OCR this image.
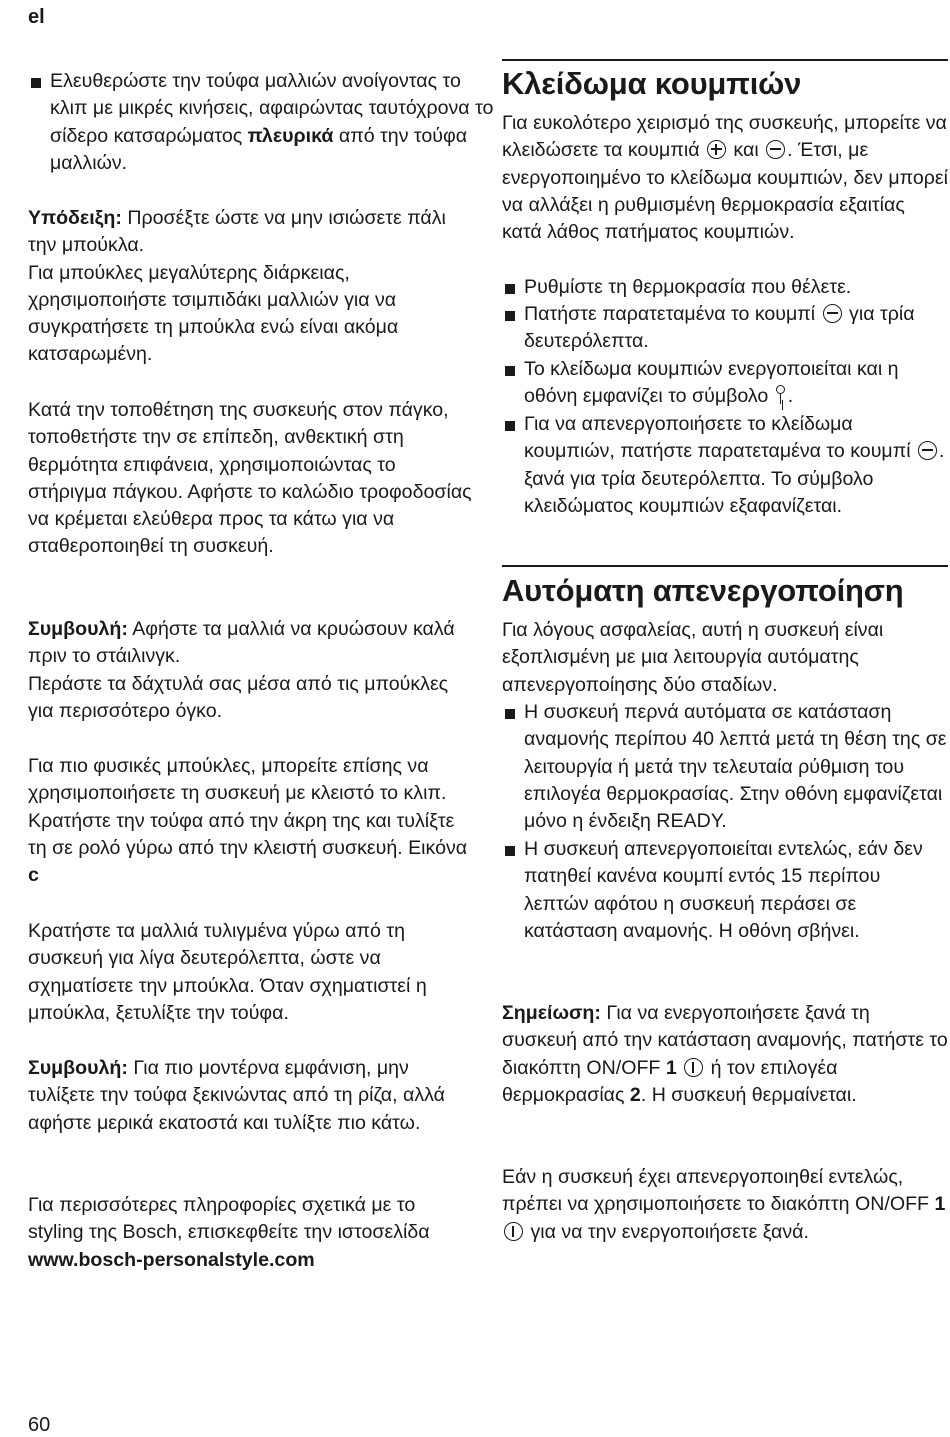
el
Ελευθερώστε την τούφα μαλλιών ανοίγοντας το κλιπ με μικρές κινήσεις, αφαιρώντας ταυτόχρονα το σίδερο κατσαρώματος πλευρικά από την τούφα μαλλιών.

Υπόδειξη: Προσέξτε ώστε να μην ισιώσετε πάλι την μπούκλα.

Για μπούκλες μεγαλύτερης διάρκειας, χρησιμοποιήστε τσιμπιδάκι μαλλιών για να συγκρατήσετε τη μπούκλα ενώ είναι ακόμα κατσαρωμένη.

Κατά την τοποθέτηση της συσκευής στον πάγκο, τοποθετήστε την σε επίπεδη, ανθεκτική στη θερμότητα επιφάνεια, χρησιμοποιώντας το στήριγμα πάγκου. Αφήστε το καλώδιο τροφοδοσίας να κρέμεται ελεύθερα προς τα κάτω για να σταθεροποιηθεί τη συσκευή.

Συμβουλή: Αφήστε τα μαλλιά να κρυώσουν καλά πριν το στάιλινγκ.

Περάστε τα δάχτυλά σας μέσα από τις μπούκλες για περισσότερο όγκο.

Για πιο φυσικές μπούκλες, μπορείτε επίσης να χρησιμοποιήσετε τη συσκευή με κλειστό το κλιπ. Κρατήστε την τούφα από την άκρη της και τυλίξτε τη σε ρολό γύρω από την κλειστή συσκευή. Εικόνα c

Κρατήστε τα μαλλιά τυλιγμένα γύρω από τη συσκευή για λίγα δευτερόλεπτα, ώστε να σχηματίσετε την μπούκλα. Όταν σχηματιστεί η μπούκλα, ξετυλίξτε την τούφα.

Συμβουλή: Για πιο μοντέρνα εμφάνιση, μην τυλίξετε την τούφα ξεκινώντας από τη ρίζα, αλλά αφήστε μερικά εκατοστά και τυλίξτε πιο κάτω.

Για περισσότερες πληροφορίες σχετικά με το styling της Bosch, επισκεφθείτε την ιστοσελίδα www.bosch-personalstyle.com

Κλείδωμα κουμπιών

Για ευκολότερο χειρισμό της συσκευής, μπορείτε να κλειδώσετε τα κουμπιά  και . Έτσι, με ενεργοποιημένο το κλείδωμα κουμπιών, δεν μπορεί να αλλάξει η ρυθμισμένη θερμοκρασία εξαιτίας κατά λάθος πατήματος κουμπιών.

Ρυθμίστε τη θερμοκρασία που θέλετε.
Πατήστε παρατεταμένα το κουμπί  για τρία δευτερόλεπτα.
Το κλείδωμα κουμπιών ενεργοποιείται και η οθόνη εμφανίζει το σύμβολο .
Για να απενεργοποιήσετε το κλείδωμα κουμπιών, πατήστε παρατεταμένα το κουμπί . ξανά για τρία δευτερόλεπτα. Το σύμβολο κλειδώματος κουμπιών εξαφανίζεται.
Αυτόματη απενεργοποίηση

Για λόγους ασφαλείας, αυτή η συσκευή είναι εξοπλισμένη με μια λειτουργία αυτόματης απενεργοποίησης δύο σταδίων.

Η συσκευή περνά αυτόματα σε κατάσταση αναμονής περίπου 40 λεπτά μετά τη θέση της σε λειτουργία ή μετά την τελευταία ρύθμιση του επιλογέα θερμοκρασίας. Στην οθόνη εμφανίζεται μόνο η ένδειξη READY.
Η συσκευή απενεργοποιείται εντελώς, εάν δεν πατηθεί κανένα κουμπί εντός 15 περίπου λεπτών αφότου η συσκευή περάσει σε κατάσταση αναμονής. Η οθόνη σβήνει.

Σημείωση: Για να ενεργοποιήσετε ξανά τη συσκευή από την κατάσταση αναμονής, πατήστε το διακόπτη ON/OFF 1  ή τον επιλογέα θερμοκρασίας 2. Η συσκευή θερμαίνεται.

Εάν η συσκευή έχει απενεργοποιηθεί εντελώς, πρέπει να χρησιμοποιήσετε το διακόπτη ON/OFF 1  για να την ενεργοποιήσετε ξανά.

60
